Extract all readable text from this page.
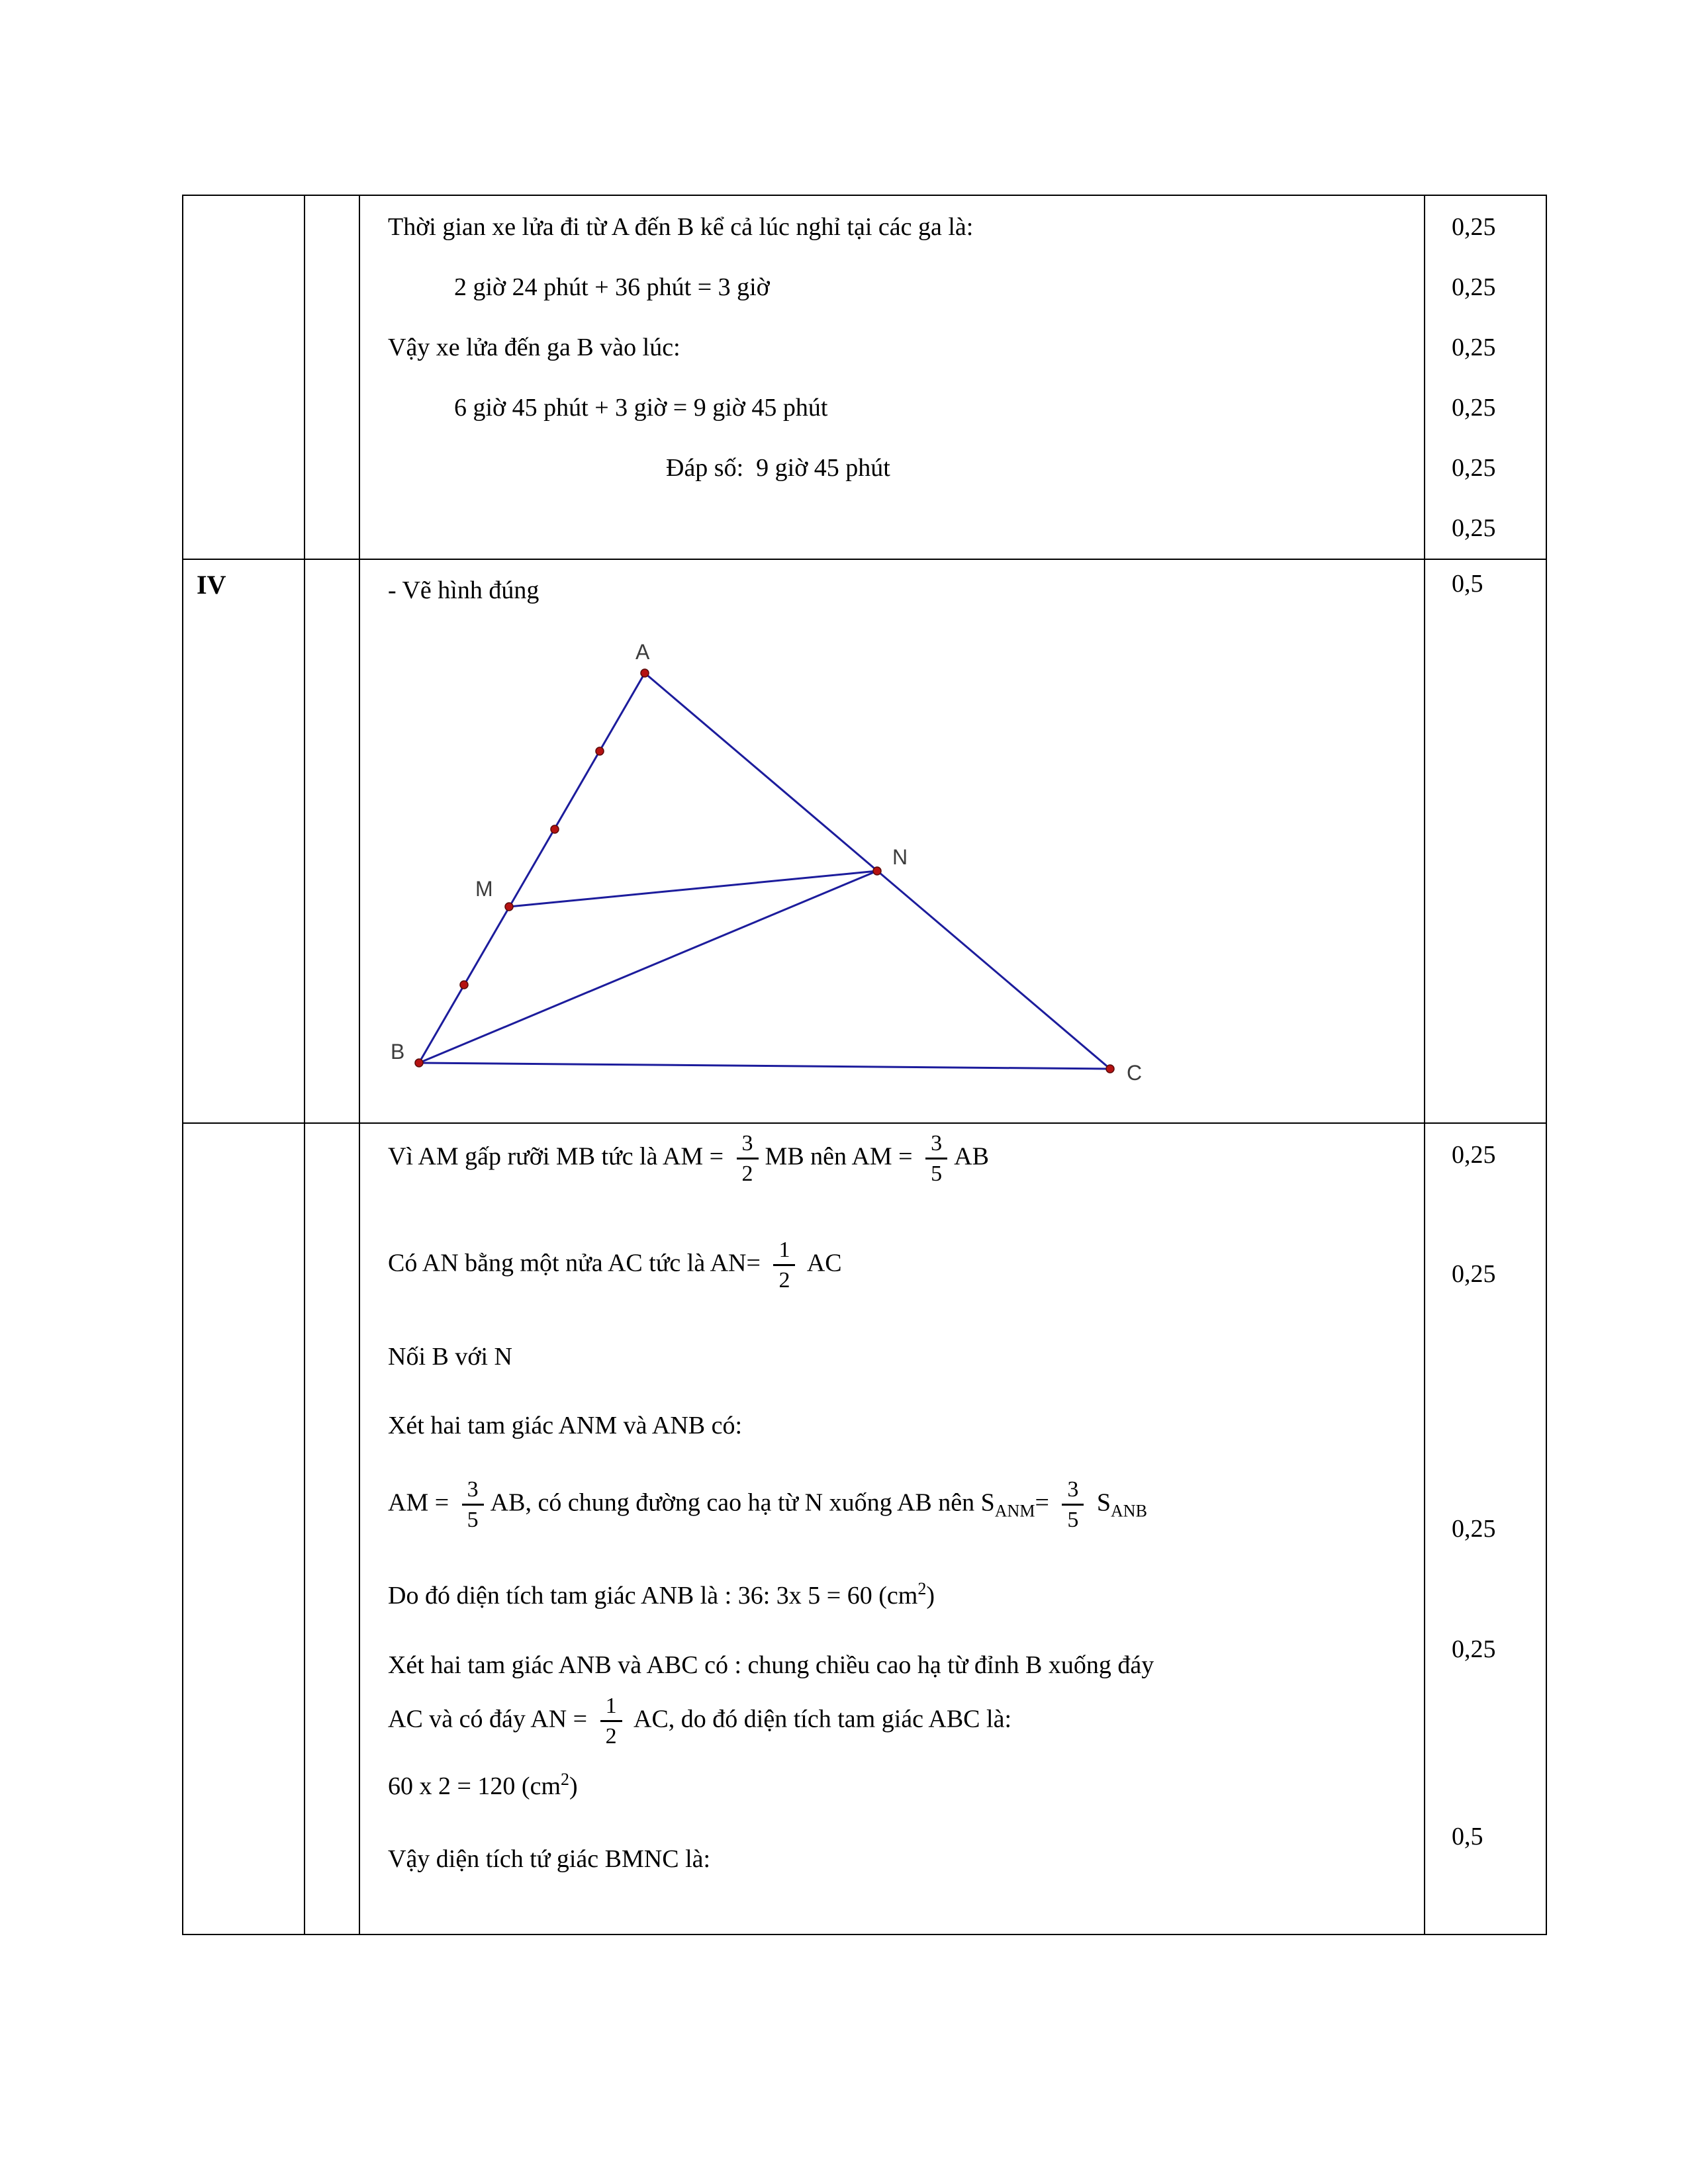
Thời gian xe lửa đi từ A đến B kể cả lúc nghỉ tại các ga là:
2 giờ 24 phút + 36 phút = 3 giờ
Vậy xe lửa đến ga B vào lúc:
6 giờ 45 phút + 3 giờ = 9 giờ 45 phút
Đáp số:  9 giờ 45 phút

0,25
0,25
0,25
0,25
0,25
0,25
IV	- Vẽ hình đúng
A
N
M
B
C
0,5
Vì AM gấp rưỡi MB tức là AM = $\frac{3}{2}$ MB nên AM = $\frac{3}{5}$ AB
Có AN bằng một nửa AC tức là $AN= \frac{1}{2}$ AC
Nối B với N
Xét hai tam giác ANM và ANB có:
AM = $\frac{3}{5}$ AB, có chung đường cao hạ từ N xuống AB nên $S_{ANM}= \frac{3}{5} S_{ANB}$
Do đó diện tích tam giác ANB là : 36: 3x 5 = 60 $(cm^2)$
Xét hai tam giác ANB và ABC có : chung chiều cao hạ từ đỉnh B xuống đáy
AC và có đáy AN = $\frac{1}{2}$ AC, do đó diện tích tam giác ABC là:
60 x 2 = 120 $(cm^2)$
Vậy diện tích tứ giác BMNC là:
0,25
0,25
0,25
0,25
0,5
